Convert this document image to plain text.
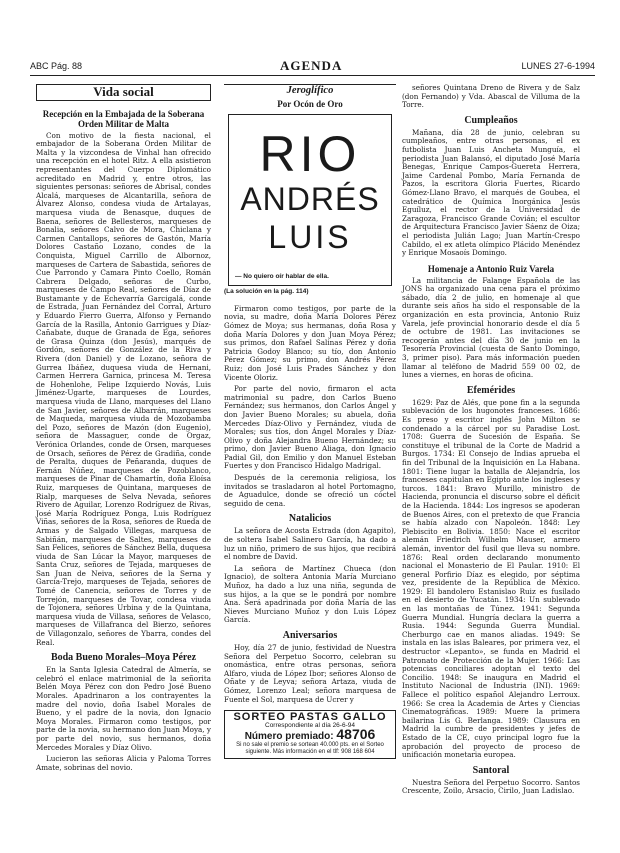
ABC Pág. 88	AGENDA	LUNES 27-6-1994
Vida social
Recepción en la Embajada de la Soberana Orden Militar de Malta

Con motivo de la fiesta nacional, el embajador de la Soberana Orden Militar de Malta y la vizcondesa de Vinhal han ofrecido una recepción en el hotel Ritz. A ella asistieron representantes del Cuerpo Diplomático acreditado en Madrid y, entre otros, las siguientes personas: señores de Abrisal, condes Alcalá, marqueses de Alcantarilla, señora de Álvarez Alonso, condesa viuda de Artalayas, marquesa viuda de Benasque, duques de Baena, señores de Bellesteros, marqueses de Bonalia, señores Calvo de Mora, Chiclana y Carmen Cantallops, señores de Gastón, María Dolores Castaño Lozano, condes de la Conquista, Miguel Carrillo de Albornoz, marqueses de Cartera de Sabastida, señores de Cue Parrondo y Camara Pinto Coello, Román Cabrera Delgado, señoras de Curbo, marqueses de Campo Real, señores de Díaz de Bustamante y de Echevarría Garcigalá, conde de Estrada, Juan Fernández del Corral, Arturo y Eduardo Fierro Guerra, Alfonso y Fernando García de la Rasilla, Antonio Garrigues y Díaz-Cañabate, duque de Granada de Ega, señores de Grasa Quinza (don Jesús), marqués de Gordón, señores de González de la Riva y Rivera (don Daniel) y de Lozano, señora de Gurrea Ibáñez, duquesa viuda de Hernani, Carmen Herrera Garnica, princesa M. Teresa de Hohenlohe, Felipe Izquierdo Novás, Luis Jiménez-Ugarte, marqueses de Lourdes, marquesa viuda de Llano, marqueses del Llano de San Javier, señores de Albarrán, marqueses de Maqueda, marquesa viuda de Mozobamba del Pozo, señores de Mazón (don Eugenio), señora de Massaguer, conde de Orgaz, Verónica Orlandes, conde de Orsen, marqueses de Orsach, señores de Pérez de Gradiña, conde de Peralta, duques de Peñaranda, duques de Fernán Núñez, marqueses de Pozoblanco, marqueses de Pinar de Chamartín, doña Eloísa Ruiz, marqueses de Quintana, marqueses de Rialp, marqueses de Selva Nevada, señores Rivero de Aguilar, Lorenzo Rodríguez de Rivas, José María Rodríguez Ponga, Luis Rodríguez Viñas, señores de la Rosa, señores de Rueda de Armas y de Salgado Villegas, marquesa de Sabiñán, marqueses de Saltes, marqueses de San Felices, señores de Sánchez Bella, duquesa viuda de San Lúcar la Mayor, marqueses de Santa Cruz, señores de Tejada, marqueses de San Juan de Neiva, señores de la Serna y García-Trejo, marqueses de Tejada, señores de Tomé de Canencia, señores de Torres y de Torrejón, marqueses de Tovar, condesa viuda de Tojonera, señores Urbina y de la Quintana, marquesa viuda de Villasa, señores de Velasco, marqueses de Villafranca del Bierzo, señores de Villagonzalo, señores de Ybarra, condes del Real.

Boda Bueno Morales–Moya Pérez

En la Santa Iglesia Catedral de Almería, se celebró el enlace matrimonial de la señorita Belén Moya Pérez con don Pedro José Bueno Morales. Apadrinaron a los contrayentes la madre del novio, doña Isabel Morales de Bueno, y el padre de la novia, don Ignacio Moya Morales. Firmaron como testigos, por parte de la novia, su hermano don Juan Moya, y por parte del novio, sus hermanos, doña Mercedes Morales y Díaz Olivo.

Lucieron las señoras Alicia y Paloma Torres Amate, sobrinas del novio.

Jeroglífico
Por Ocón de Oro
RIO
ANDRÉS
LUIS
— No quiero oír hablar de ella.
(La solución en la pág. 114)

Firmaron como testigos, por parte de la novia, su madre, doña María Dolores Pérez Gómez de Moya; sus hermanas, doña Rosa y doña María Dolores y don Juan Moya Pérez; sus primos, don Rafael Salinas Pérez y doña Patricia Godoy Blanco; su tío, don Antonio Pérez Gómez; su primo, don Andrés Pérez Ruiz; don José Luis Prades Sánchez y don Vicente Oloriz.

Por parte del novio, firmaron el acta matrimonial su padre, don Carlos Bueno Fernández; sus hermanos, don Carlos Ángel y don Javier Bueno Morales; su abuela, doña Mercedes Díaz-Olivo y Fernández, viuda de Morales; sus tíos, don Ángel Morales y Díaz-Olivo y doña Alejandra Bueno Hernández; su primo, don Javier Bueno Aliaga, don Ignacio Padial Gil, don Emilio y don Manuel Esteban Fuertes y don Francisco Hidalgo Madrigal.

Después de la ceremonia religiosa, los invitados se trasladaron al hotel Portomagno, de Aguadulce, donde se ofreció un cóctel seguido de cena.

Natalicios

La señora de Acosta Estrada (don Agapito), de soltera Isabel Salinero García, ha dado a luz un niño, primero de sus hijos, que recibirá el nombre de David.

La señora de Martínez Chueca (don Ignacio), de soltera Antonia María Murciano Muñoz, ha dado a luz una niña, segunda de sus hijos, a la que se le pondrá por nombre Ana. Será apadrinada por doña María de las Nieves Murciano Muñoz y don Luis López García.

Aniversarios

Hoy, día 27 de junio, festividad de Nuestra Señora del Perpetuo Socorro, celebran su onomástica, entre otras personas, señora Alfaro, viuda de López Ibor; señores Alonso de Oñate y de Leyva; señora Artaza, viuda de Gómez, Lorenzo Leal; señora marquesa de Fuente el Sol, marquesa de Ucrer y

SORTEO PASTAS GALLO
Correspondiente al día 26-6-94
Número premiado: 48706
Si no sale el premio se sortean 40.000 pts. en el Sorteo siguiente. Más información en el tlf: 908 168 604

señores Quintana Dreno de Rivera y de Salz (don Fernando) y Vda. Abascal de Villuma de la Torre.

Cumpleaños

Mañana, día 28 de junio, celebran su cumpleaños, entre otras personas, el ex futbolista Juan Luis Ancheta Munguía, el periodista Juan Balansó, el diputado José María Benegas, Enrique Campos-Guereta Herrera, Jaime Cardenal Pombo, María Fernanda de Pazos, la escritora Gloria Fuertes, Ricardo Gómez-Llano Bravo, el marqués de Goubea, el catedrático de Química Inorgánica Jesús Eguíluz, el rector de la Universidad de Zaragoza, Francisco Grande Covián; el escultor de Arquitectura Francisco Javier Sáenz de Oiza; el periodista Julián Lago; Juan Martín-Crespo Cabildo, el ex atleta olímpico Plácido Menéndez y Enrique Mosaoís Domingo.

Homenaje a Antonio Ruiz Varela

La militancia de Falange Española de las JONS ha organizado una cena para el próximo sábado, día 2 de julio, en homenaje al que durante seis años ha sido el responsable de la organización en esta provincia, Antonio Ruiz Varela, jefe provincial honorario desde el día 5 de octubre de 1981. Las invitaciones se recogerán antes del día 30 de junio en la Tesorería Provincial (cuesta de Santo Domingo, 3, primer piso). Para más información pueden llamar al teléfono de Madrid 559 00 02, de lunes a viernes, en horas de oficina.

Efemérides

1629: Paz de Alés, que pone fin a la segunda sublevación de los hugonotes franceses. 1686: Es preso y escritor inglés John Milton se condenado a la cárcel por su Paradise Lost. 1708: Guerra de Sucesión de España. Se constituye el tribunal de la Corte de Madrid a Burgos. 1734: El Consejo de Indias aprueba el fin del Tribunal de la Inquisición en La Habana. 1801: Tiene lugar la batalla de Alejandría, los franceses capitulan en Egipto ante los ingleses y turcos. 1841: Bravo Murillo, ministro de Hacienda, pronuncia el discurso sobre el déficit de la Hacienda. 1844: Los ingresos se apoderan de Buenos Aires, con el pretexto de que Francia se había alzado con Napoleón. 1848: Ley Plebiscito en Bolivia. 1850: Nace el escritor alemán Friedrich Wilhelm Mauser, armero alemán, inventor del fusil que lleva su nombre. 1876: Real orden declarando monumento nacional el Monasterio de El Paular. 1910: El general Porfirio Díaz es elegido, por séptima vez, presidente de la República de México. 1929: El bandolero Estanislao Ruiz es fusilado en el desierto de Yucatán. 1934: Un sublevado en las montañas de Túnez. 1941: Segunda Guerra Mundial. Hungría declara la guerra a Rusia. 1944: Segunda Guerra Mundial. Cherburgo cae en manos aliadas. 1949: Se instala en las islas Baleares, por primera vez, el destructor «Lepanto», se funda en Madrid el Patronato de Protección de la Mujer. 1966: Las potencias conciliares adoptan el texto del Concilio. 1948: Se inaugura en Madrid el Instituto Nacional de Industria (INI). 1969: Fallece el político español Alejandro Lerroux. 1966: Se crea la Academia de Artes y Ciencias Cinematográficas. 1989: Muere la primera bailarina Lis G. Berlanga. 1989: Clausura en Madrid la cumbre de presidentes y jefes de Estado de la CE, cuyo principal logro fue la aprobación del proyecto de proceso de unificación monetaria europea.

Santoral

Nuestra Señora del Perpetuo Socorro. Santos Crescente, Zoilo, Arsacio, Cirilo, Juan Ladislao.
